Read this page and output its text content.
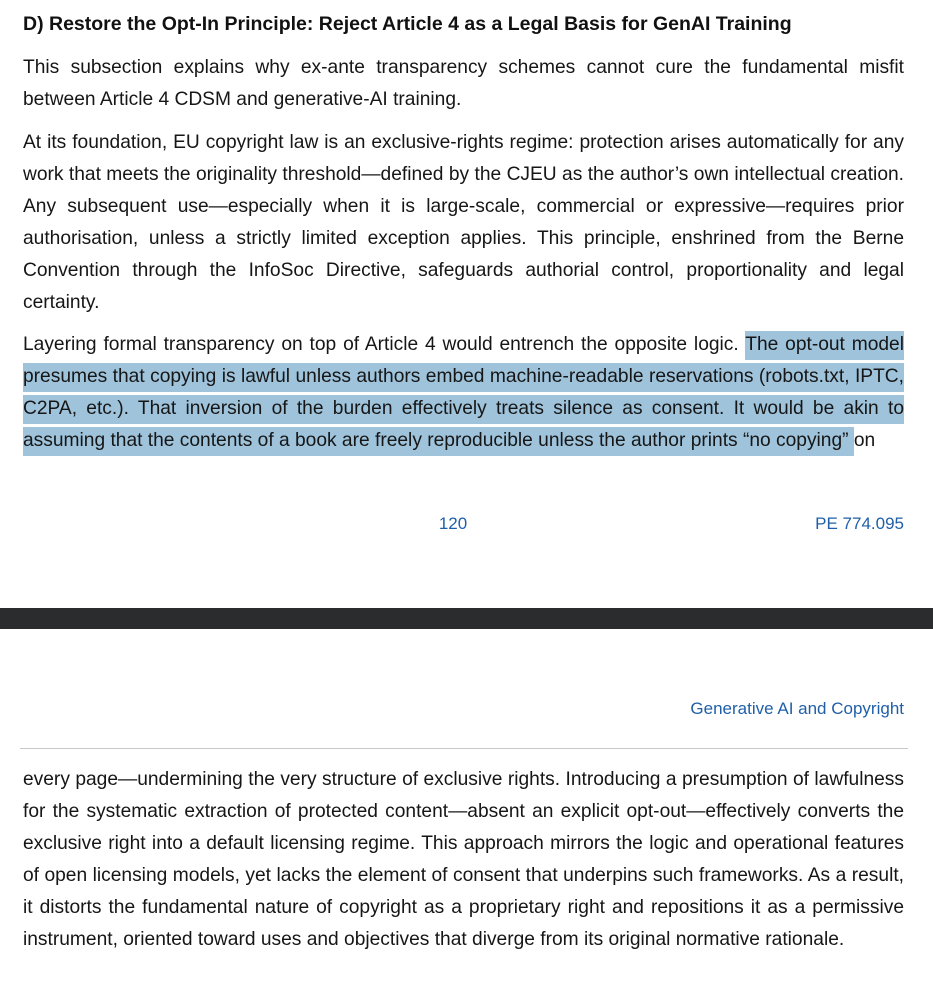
D) Restore the Opt-In Principle: Reject Article 4 as a Legal Basis for GenAI Training

This subsection explains why ex-ante transparency schemes cannot cure the fundamental misfit between Article 4 CDSM and generative-AI training.

At its foundation, EU copyright law is an exclusive-rights regime: protection arises automatically for any work that meets the originality threshold—defined by the CJEU as the author’s own intellectual creation. Any subsequent use—especially when it is large-scale, commercial or expressive—requires prior authorisation, unless a strictly limited exception applies. This principle, enshrined from the Berne Convention through the InfoSoc Directive, safeguards authorial control, proportionality and legal certainty.

Layering formal transparency on top of Article 4 would entrench the opposite logic. The opt-out model presumes that copying is lawful unless authors embed machine-readable reservations (robots.txt, IPTC, C2PA, etc.). That inversion of the burden effectively treats silence as consent. It would be akin to assuming that the contents of a book are freely reproducible unless the author prints “no copying” on

120	PE 774.095
Generative AI and Copyright

every page—undermining the very structure of exclusive rights. Introducing a presumption of lawfulness for the systematic extraction of protected content—absent an explicit opt-out—effectively converts the exclusive right into a default licensing regime. This approach mirrors the logic and operational features of open licensing models, yet lacks the element of consent that underpins such frameworks. As a result, it distorts the fundamental nature of copyright as a proprietary right and repositions it as a permissive instrument, oriented toward uses and objectives that diverge from its original normative rationale.
